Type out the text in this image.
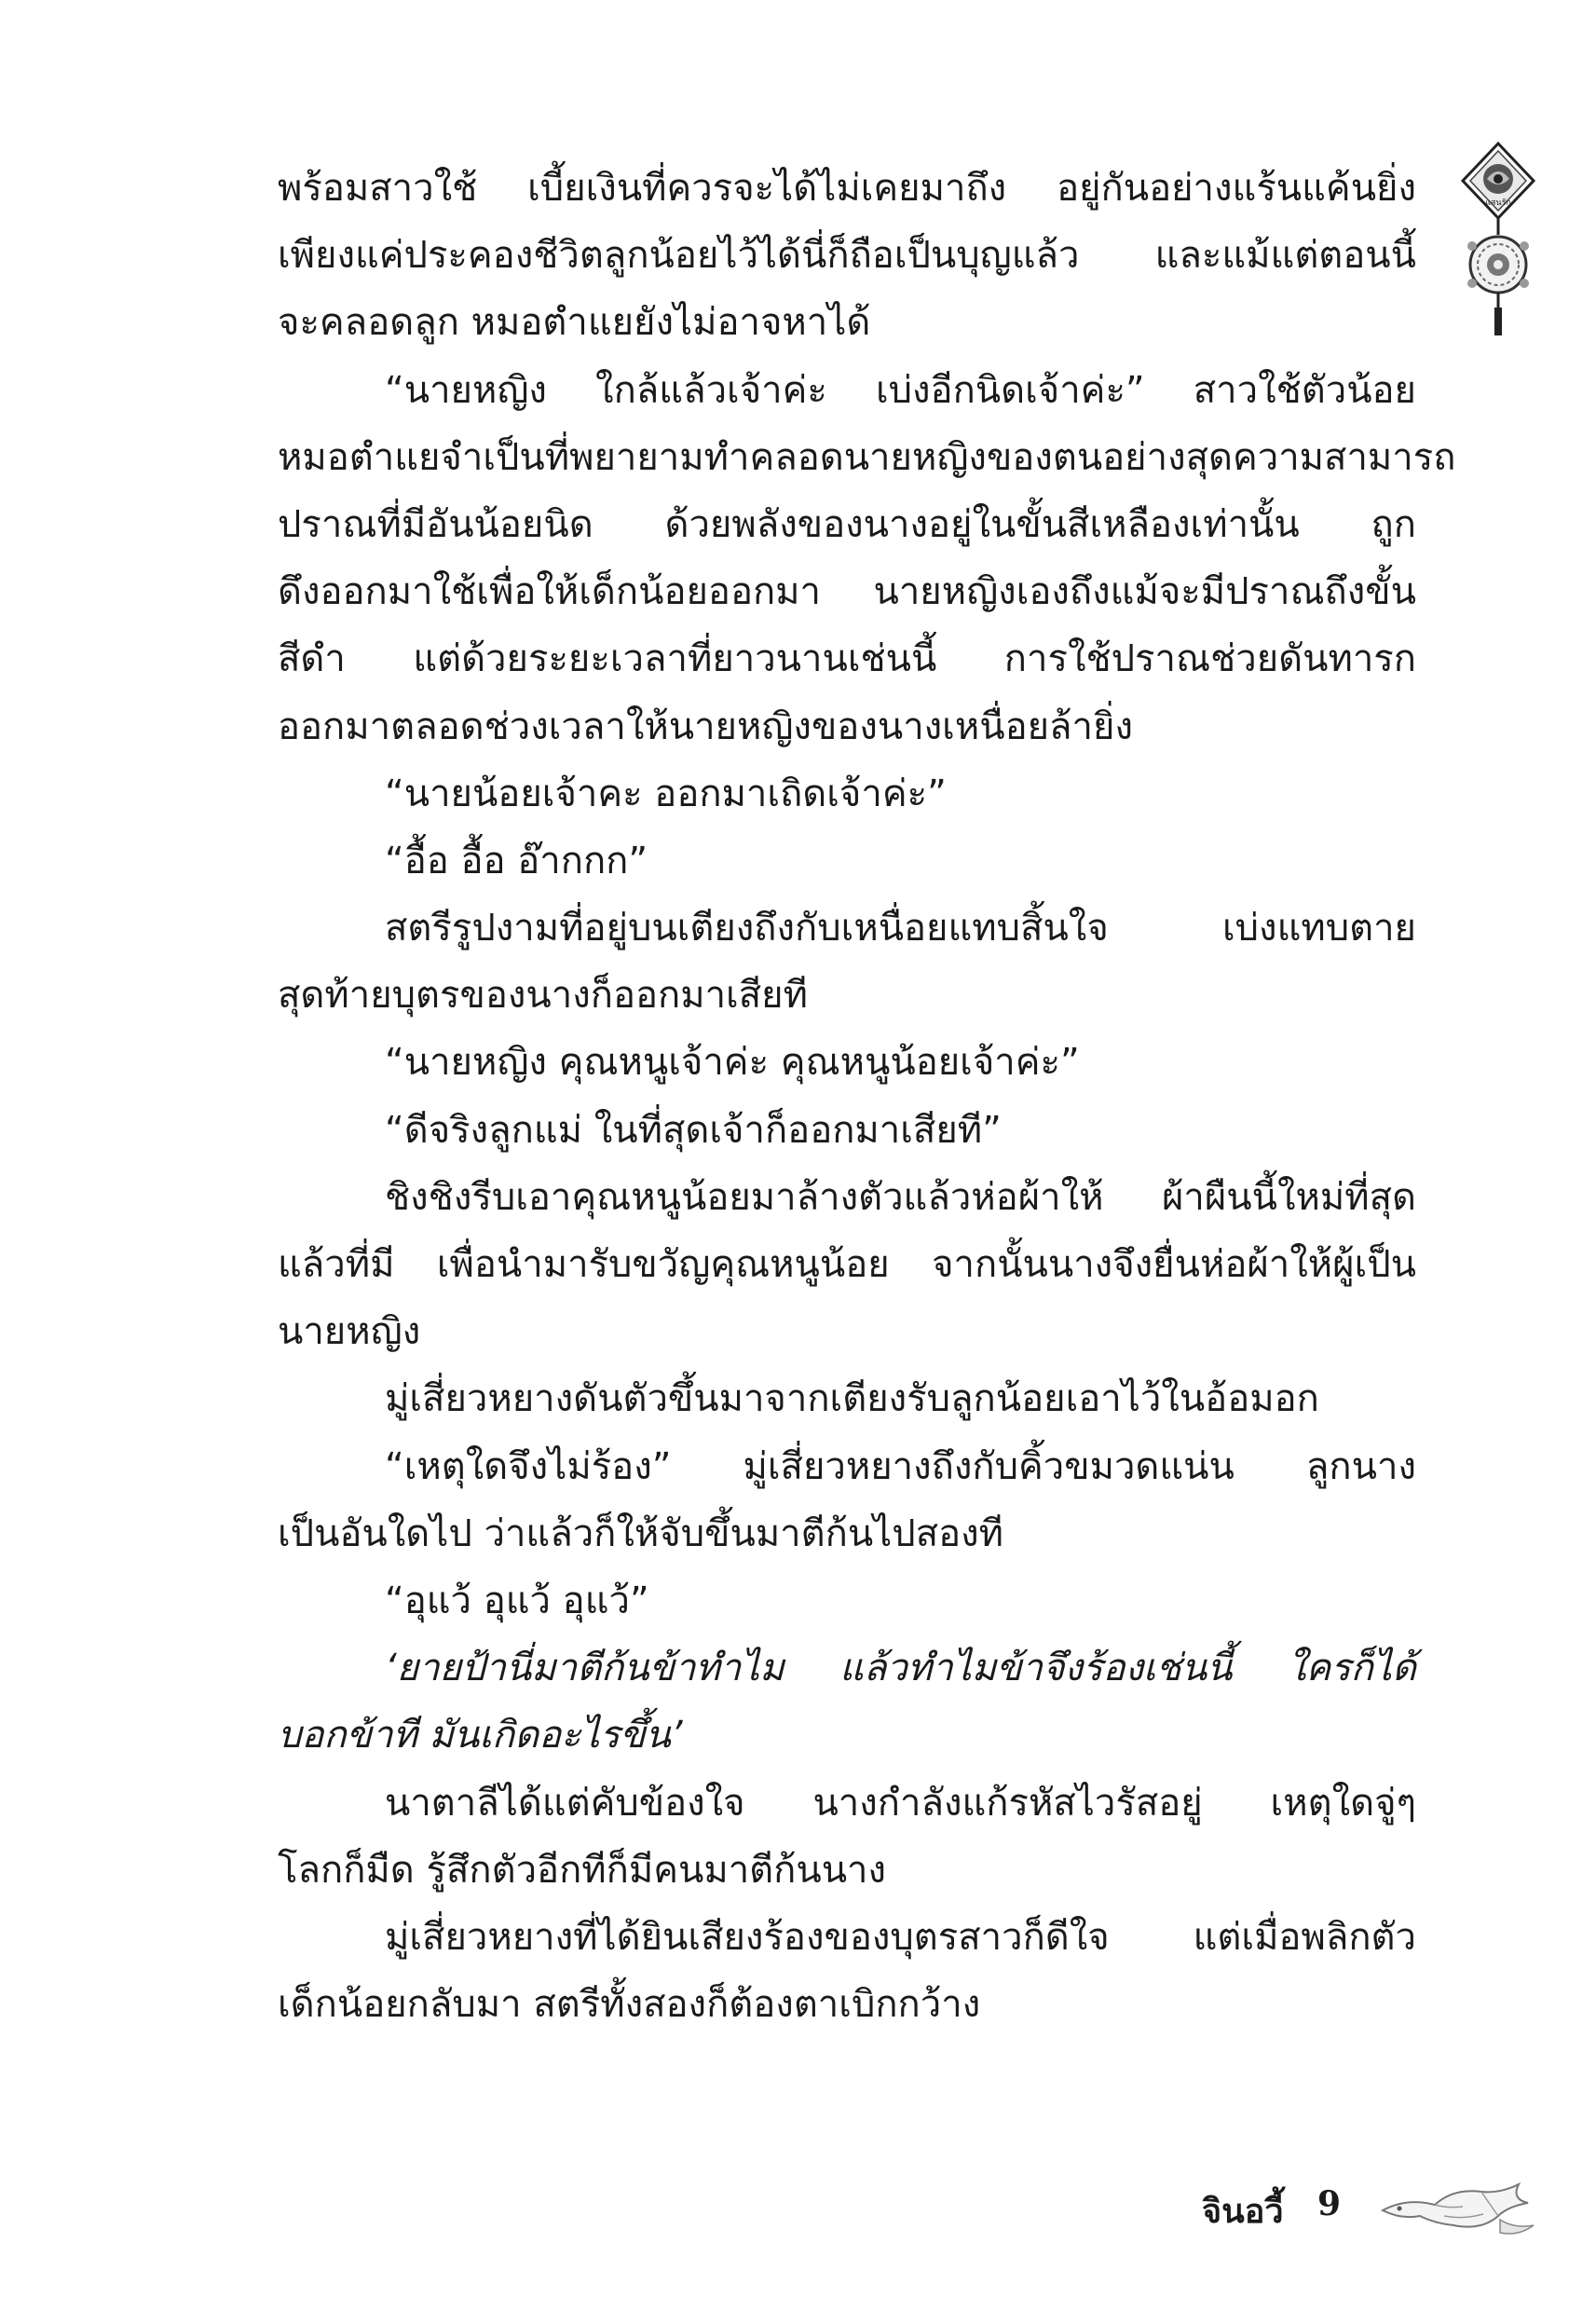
แสนรัก
พร้อมสาวใช้ เบี้ยเงินที่ควรจะได้ไม่เคยมาถึง อยู่กันอย่างแร้นแค้นยิ่ง
เพียงแค่ประคองชีวิตลูกน้อยไว้ได้นี่ก็ถือเป็นบุญแล้ว และแม้แต่ตอนนี้
จะคลอดลูก หมอตำแยยังไม่อาจหาได้
“นายหญิง ใกล้แล้วเจ้าค่ะ เบ่งอีกนิดเจ้าค่ะ” สาวใช้ตัวน้อย
หมอตำแยจำเป็นที่พยายามทำคลอดนายหญิงของตนอย่างสุดความสามารถ
ปราณที่มีอันน้อยนิด ด้วยพลังของนางอยู่ในขั้นสีเหลืองเท่านั้น ถูก
ดึงออกมาใช้เพื่อให้เด็กน้อยออกมา นายหญิงเองถึงแม้จะมีปราณถึงขั้น
สีดำ แต่ด้วยระยะเวลาที่ยาวนานเช่นนี้ การใช้ปราณช่วยดันทารก
ออกมาตลอดช่วงเวลาให้นายหญิงของนางเหนื่อยล้ายิ่ง
“นายน้อยเจ้าคะ ออกมาเถิดเจ้าค่ะ”
“อื้อ อื้อ อ๊ากกก”
สตรีรูปงามที่อยู่บนเตียงถึงกับเหนื่อยแทบสิ้นใจ เบ่งแทบตาย
สุดท้ายบุตรของนางก็ออกมาเสียที
“นายหญิง คุณหนูเจ้าค่ะ คุณหนูน้อยเจ้าค่ะ”
“ดีจริงลูกแม่ ในที่สุดเจ้าก็ออกมาเสียที”
ชิงชิงรีบเอาคุณหนูน้อยมาล้างตัวแล้วห่อผ้าให้ ผ้าผืนนี้ใหม่ที่สุด
แล้วที่มี เพื่อนำมารับขวัญคุณหนูน้อย จากนั้นนางจึงยื่นห่อผ้าให้ผู้เป็น
นายหญิง
มู่เสี่ยวหยางดันตัวขึ้นมาจากเตียงรับลูกน้อยเอาไว้ในอ้อมอก
“เหตุใดจึงไม่ร้อง” มู่เสี่ยวหยางถึงกับคิ้วขมวดแน่น ลูกนาง
เป็นอันใดไป ว่าแล้วก็ให้จับขึ้นมาตีก้นไปสองที
“อุแว้ อุแว้ อุแว้”
‘ยายป้านี่มาตีก้นข้าทำไม แล้วทำไมข้าจึงร้องเช่นนี้ ใครก็ได้
บอกข้าที มันเกิดอะไรขึ้น’
นาตาลีได้แต่คับข้องใจ นางกำลังแก้รหัสไวรัสอยู่ เหตุใดจู่ๆ
โลกก็มืด รู้สึกตัวอีกทีก็มีคนมาตีก้นนาง
มู่เสี่ยวหยางที่ได้ยินเสียงร้องของบุตรสาวก็ดีใจ แต่เมื่อพลิกตัว
เด็กน้อยกลับมา สตรีทั้งสองก็ต้องตาเบิกกว้าง
จินอวี้ 9
